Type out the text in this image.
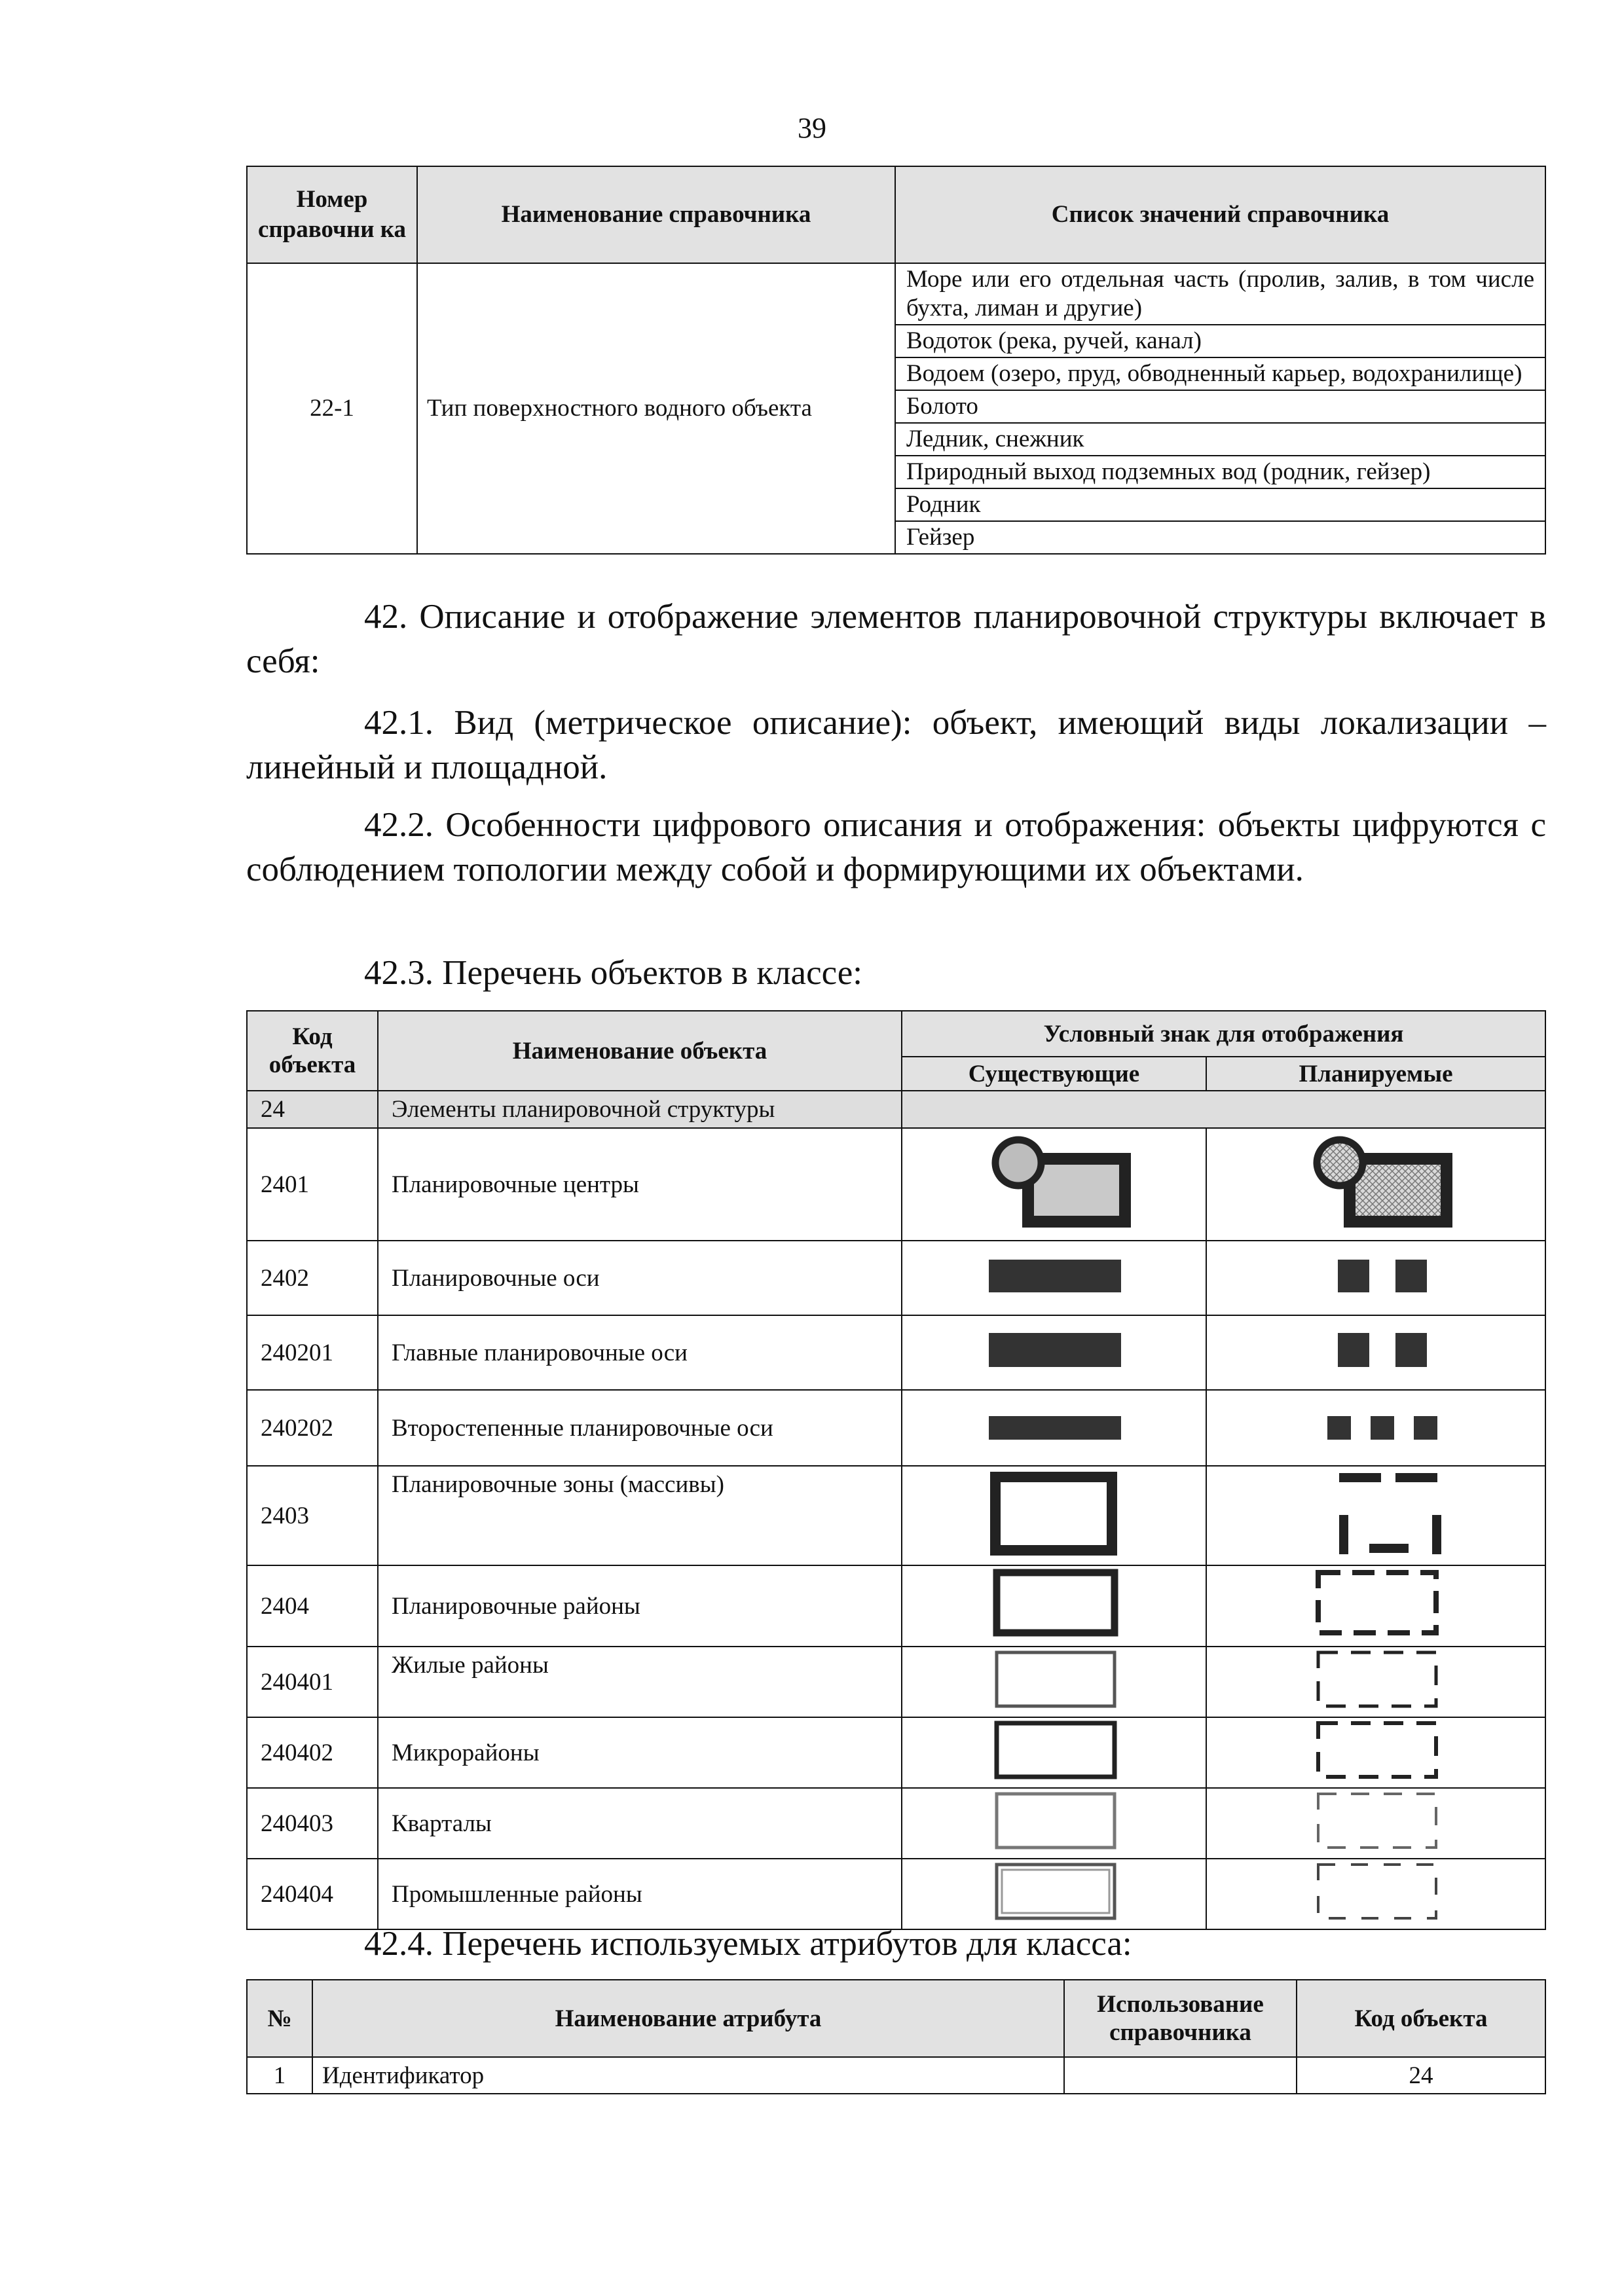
39
Номер справочни ка	Наименование справочника	Список значений справочника
22-1	Тип поверхностного водного объекта	Море или его отдельная часть (пролив, залив, в том числе бухта, лиман и другие)
		Водоток (река, ручей, канал)
		Водоем (озеро, пруд, обводненный карьер, водохранилище)
		Болото
		Ледник, снежник
		Природный выход подземных вод (родник, гейзер)
		Родник
		Гейзер
42. Описание и отображение элементов планировочной структуры включает в себя:
42.1. Вид (метрическое описание): объект, имеющий виды локализации – линейный и площадной.
42.2. Особенности цифрового описания и отображения: объекты цифруются с соблюдением топологии между собой и формирующими их объектами.
42.3. Перечень объектов в классе:
Код объекта	Наименование объекта	Условный знак для отображения	
		Существующие	Планируемые
24	Элементы планировочной структуры		
2401	Планировочные центры		
2402	Планировочные оси		
240201	Главные планировочные оси		
240202	Второстепенные планировочные оси		
2403	Планировочные зоны (массивы)		
2404	Планировочные районы		
240401	Жилые районы		
240402	Микрорайоны		
240403	Кварталы		
240404	Промышленные районы		
42.4. Перечень используемых атрибутов для класса:
№	Наименование атрибута	Использование справочника	Код объекта
1	Идентификатор		24
